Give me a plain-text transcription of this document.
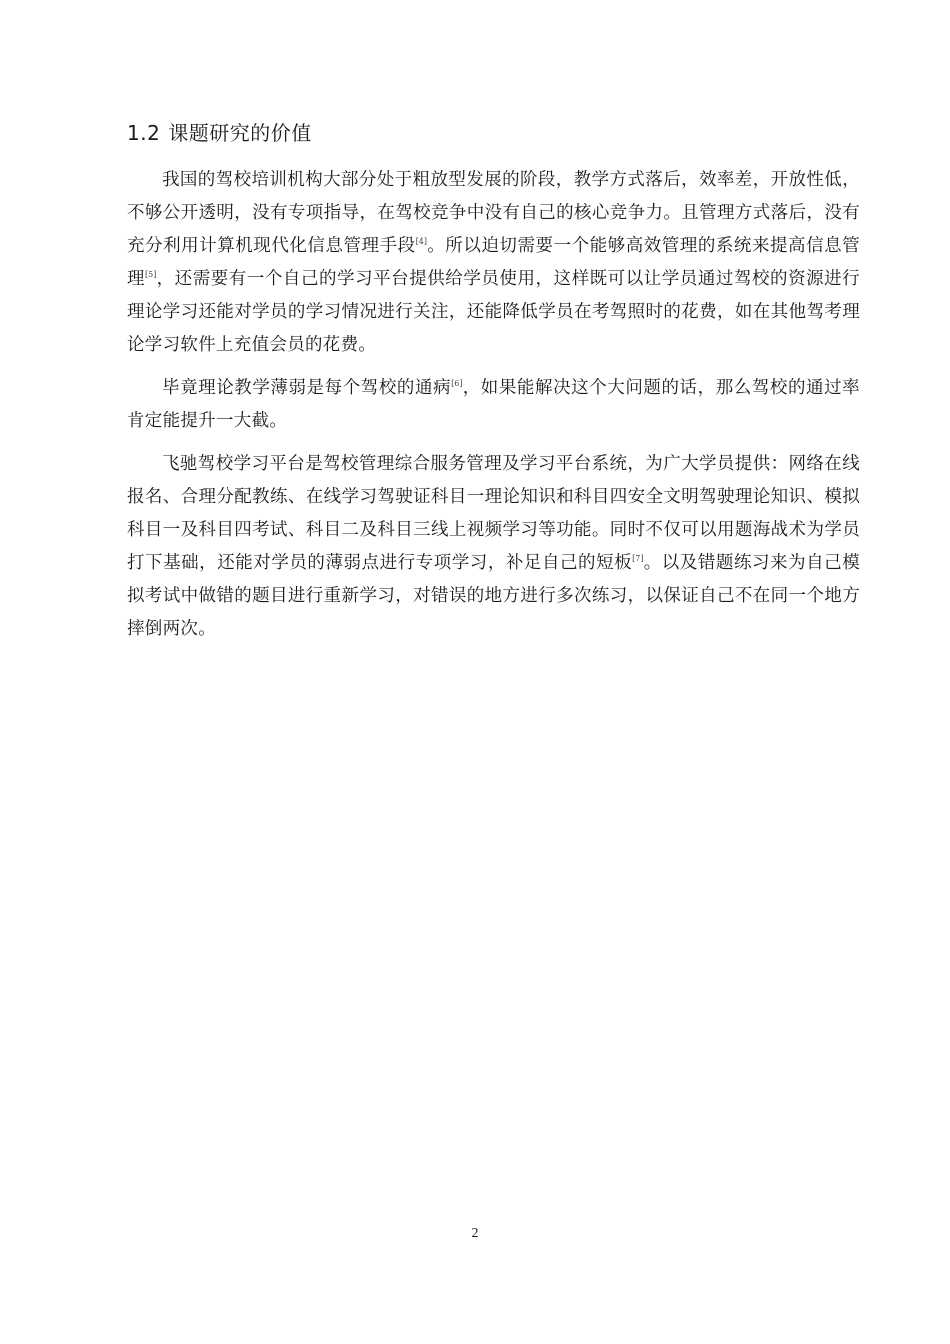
1.2 课题研究的价值

我国的驾校培训机构大部分处于粗放型发展的阶段，教学方式落后，效率差，开放性低，不够公开透明，没有专项指导，在驾校竞争中没有自己的核心竞争力。且管理方式落后，没有充分利用计算机现代化信息管理手段[4]。所以迫切需要一个能够高效管理的系统来提高信息管理[5]，还需要有一个自己的学习平台提供给学员使用，这样既可以让学员通过驾校的资源进行理论学习还能对学员的学习情况进行关注，还能降低学员在考驾照时的花费，如在其他驾考理论学习软件上充值会员的花费。

毕竟理论教学薄弱是每个驾校的通病[6]，如果能解决这个大问题的话，那么驾校的通过率肯定能提升一大截。

飞驰驾校学习平台是驾校管理综合服务管理及学习平台系统，为广大学员提供：网络在线报名、合理分配教练、在线学习驾驶证科目一理论知识和科目四安全文明驾驶理论知识、模拟科目一及科目四考试、科目二及科目三线上视频学习等功能。同时不仅可以用题海战术为学员打下基础，还能对学员的薄弱点进行专项学习，补足自己的短板[7]。以及错题练习来为自己模拟考试中做错的题目进行重新学习，对错误的地方进行多次练习，以保证自己不在同一个地方摔倒两次。

2
